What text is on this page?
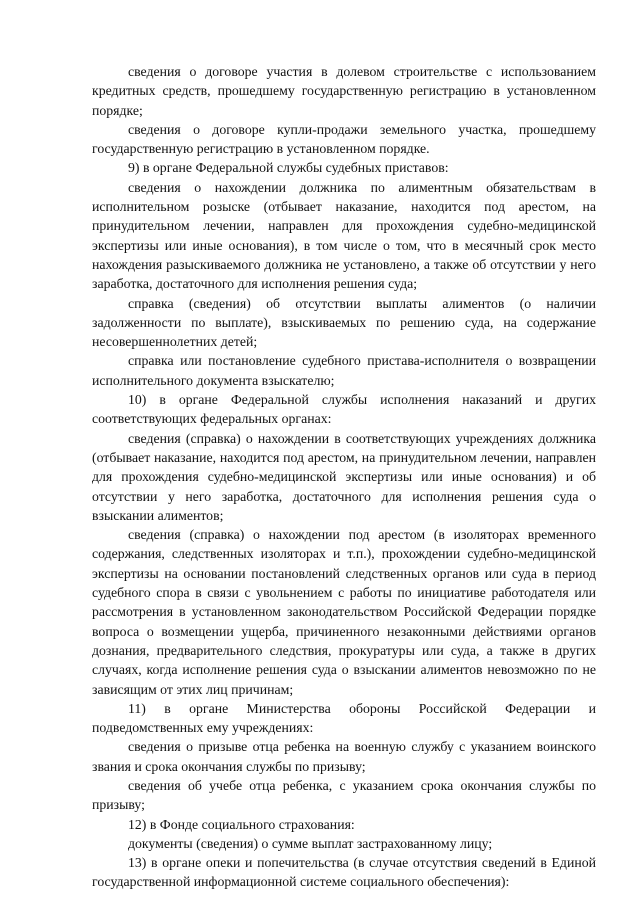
сведения о договоре участия в долевом строительстве с использованием кредитных средств, прошедшему государственную регистрацию в установленном порядке;

сведения о договоре купли-продажи земельного участка, прошедшему государственную регистрацию в установленном порядке.

9) в органе Федеральной службы судебных приставов:

сведения о нахождении должника по алиментным обязательствам в исполнительном розыске (отбывает наказание, находится под арестом, на принудительном лечении, направлен для прохождения судебно-медицинской экспертизы или иные основания), в том числе о том, что в месячный срок место нахождения разыскиваемого должника не установлено, а также об отсутствии у него заработка, достаточного для исполнения решения суда;

справка (сведения) об отсутствии выплаты алиментов (о наличии задолженности по выплате), взыскиваемых по решению суда, на содержание несовершеннолетних детей;

справка или постановление судебного пристава-исполнителя о возвращении исполнительного документа взыскателю;

10) в органе Федеральной службы исполнения наказаний и других соответствующих федеральных органах:

сведения (справка) о нахождении в соответствующих учреждениях должника (отбывает наказание, находится под арестом, на принудительном лечении, направлен для прохождения судебно-медицинской экспертизы или иные основания) и об отсутствии у него заработка, достаточного для исполнения решения суда о взыскании алиментов;

сведения (справка) о нахождении под арестом (в изоляторах временного содержания, следственных изоляторах и т.п.), прохождении судебно-медицинской экспертизы на основании постановлений следственных органов или суда в период судебного спора в связи с увольнением с работы по инициативе работодателя или рассмотрения в установленном законодательством Российской Федерации порядке вопроса о возмещении ущерба, причиненного незаконными действиями органов дознания, предварительного следствия, прокуратуры или суда, а также в других случаях, когда исполнение решения суда о взыскании алиментов невозможно по не зависящим от этих лиц причинам;

11) в органе Министерства обороны Российской Федерации и подведомственных ему учреждениях:

сведения о призыве отца ребенка на военную службу с указанием воинского звания и срока окончания службы по призыву;

сведения об учебе отца ребенка, с указанием срока окончания службы по призыву;

12) в Фонде социального страхования:

документы (сведения) о сумме выплат застрахованному лицу;

13) в органе опеки и попечительства (в случае отсутствия сведений в Единой государственной информационной системе социального обеспечения):
